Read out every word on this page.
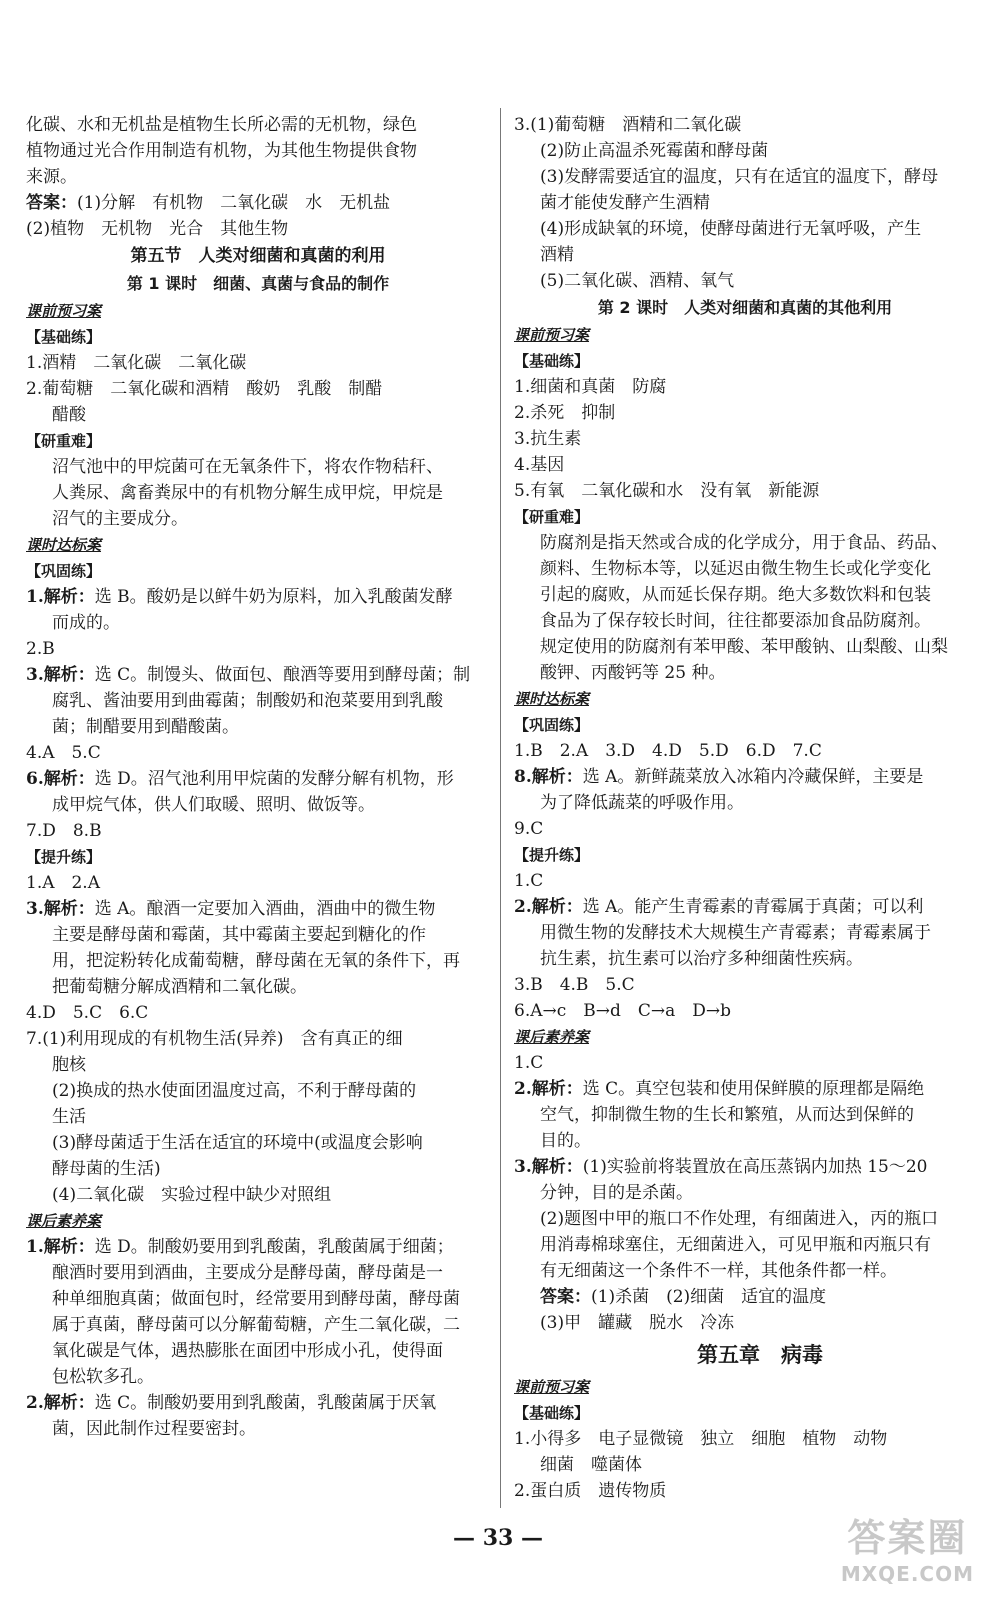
化碳、水和无机盐是植物生长所必需的无机物，绿色
植物通过光合作用制造有机物，为其他生物提供食物
来源。
答案：(1)分解　有机物　二氧化碳　水　无机盐
(2)植物　无机物　光合　其他生物
第五节　人类对细菌和真菌的利用
第 1 课时　细菌、真菌与食品的制作
课前预习案
【基础练】
1.酒精　二氧化碳　二氧化碳
2.葡萄糖　二氧化碳和酒精　酸奶　乳酸　制醋
醋酸
【研重难】
沼气池中的甲烷菌可在无氧条件下，将农作物秸秆、
人粪尿、禽畜粪尿中的有机物分解生成甲烷，甲烷是
沼气的主要成分。
课时达标案
【巩固练】
1.解析：选 B。酸奶是以鲜牛奶为原料，加入乳酸菌发酵
而成的。
2.B
3.解析：选 C。制馒头、做面包、酿酒等要用到酵母菌；制
腐乳、酱油要用到曲霉菌；制酸奶和泡菜要用到乳酸
菌；制醋要用到醋酸菌。
4.A　5.C
6.解析：选 D。沼气池利用甲烷菌的发酵分解有机物，形
成甲烷气体，供人们取暖、照明、做饭等。
7.D　8.B
【提升练】
1.A　2.A
3.解析：选 A。酿酒一定要加入酒曲，酒曲中的微生物
主要是酵母菌和霉菌，其中霉菌主要起到糖化的作
用，把淀粉转化成葡萄糖，酵母菌在无氧的条件下，再
把葡萄糖分解成酒精和二氧化碳。
4.D　5.C　6.C
7.(1)利用现成的有机物生活(异养)　含有真正的细
胞核
(2)换成的热水使面团温度过高，不利于酵母菌的
生活
(3)酵母菌适于生活在适宜的环境中(或温度会影响
酵母菌的生活)
(4)二氧化碳　实验过程中缺少对照组
课后素养案
1.解析：选 D。制酸奶要用到乳酸菌，乳酸菌属于细菌；
酿酒时要用到酒曲，主要成分是酵母菌，酵母菌是一
种单细胞真菌；做面包时，经常要用到酵母菌，酵母菌
属于真菌，酵母菌可以分解葡萄糖，产生二氧化碳，二
氧化碳是气体，遇热膨胀在面团中形成小孔，使得面
包松软多孔。
2.解析：选 C。制酸奶要用到乳酸菌，乳酸菌属于厌氧
菌，因此制作过程要密封。
3.(1)葡萄糖　酒精和二氧化碳
(2)防止高温杀死霉菌和酵母菌
(3)发酵需要适宜的温度，只有在适宜的温度下，酵母
菌才能使发酵产生酒精
(4)形成缺氧的环境，使酵母菌进行无氧呼吸，产生
酒精
(5)二氧化碳、酒精、氧气
第 2 课时　人类对细菌和真菌的其他利用
课前预习案
【基础练】
1.细菌和真菌　防腐
2.杀死　抑制
3.抗生素
4.基因
5.有氧　二氧化碳和水　没有氧　新能源
【研重难】
防腐剂是指天然或合成的化学成分，用于食品、药品、
颜料、生物标本等，以延迟由微生物生长或化学变化
引起的腐败，从而延长保存期。绝大多数饮料和包装
食品为了保存较长时间，往往都要添加食品防腐剂。
规定使用的防腐剂有苯甲酸、苯甲酸钠、山梨酸、山梨
酸钾、丙酸钙等 25 种。
课时达标案
【巩固练】
1.B　2.A　3.D　4.D　5.D　6.D　7.C
8.解析：选 A。新鲜蔬菜放入冰箱内冷藏保鲜，主要是
为了降低蔬菜的呼吸作用。
9.C
【提升练】
1.C
2.解析：选 A。能产生青霉素的青霉属于真菌；可以利
用微生物的发酵技术大规模生产青霉素；青霉素属于
抗生素，抗生素可以治疗多种细菌性疾病。
3.B　4.B　5.C
6.A→c　B→d　C→a　D→b
课后素养案
1.C
2.解析：选 C。真空包装和使用保鲜膜的原理都是隔绝
空气，抑制微生物的生长和繁殖，从而达到保鲜的
目的。
3.解析：(1)实验前将装置放在高压蒸锅内加热 15～20
分钟，目的是杀菌。
(2)题图中甲的瓶口不作处理，有细菌进入，丙的瓶口
用消毒棉球塞住，无细菌进入，可见甲瓶和丙瓶只有
有无细菌这一个条件不一样，其他条件都一样。
答案：(1)杀菌　(2)细菌　适宜的温度
(3)甲　罐藏　脱水　冷冻
第五章　病毒
课前预习案
【基础练】
1.小得多　电子显微镜　独立　细胞　植物　动物
细菌　噬菌体
2.蛋白质　遗传物质
— 33 —	答案圈
MXQE.COM
